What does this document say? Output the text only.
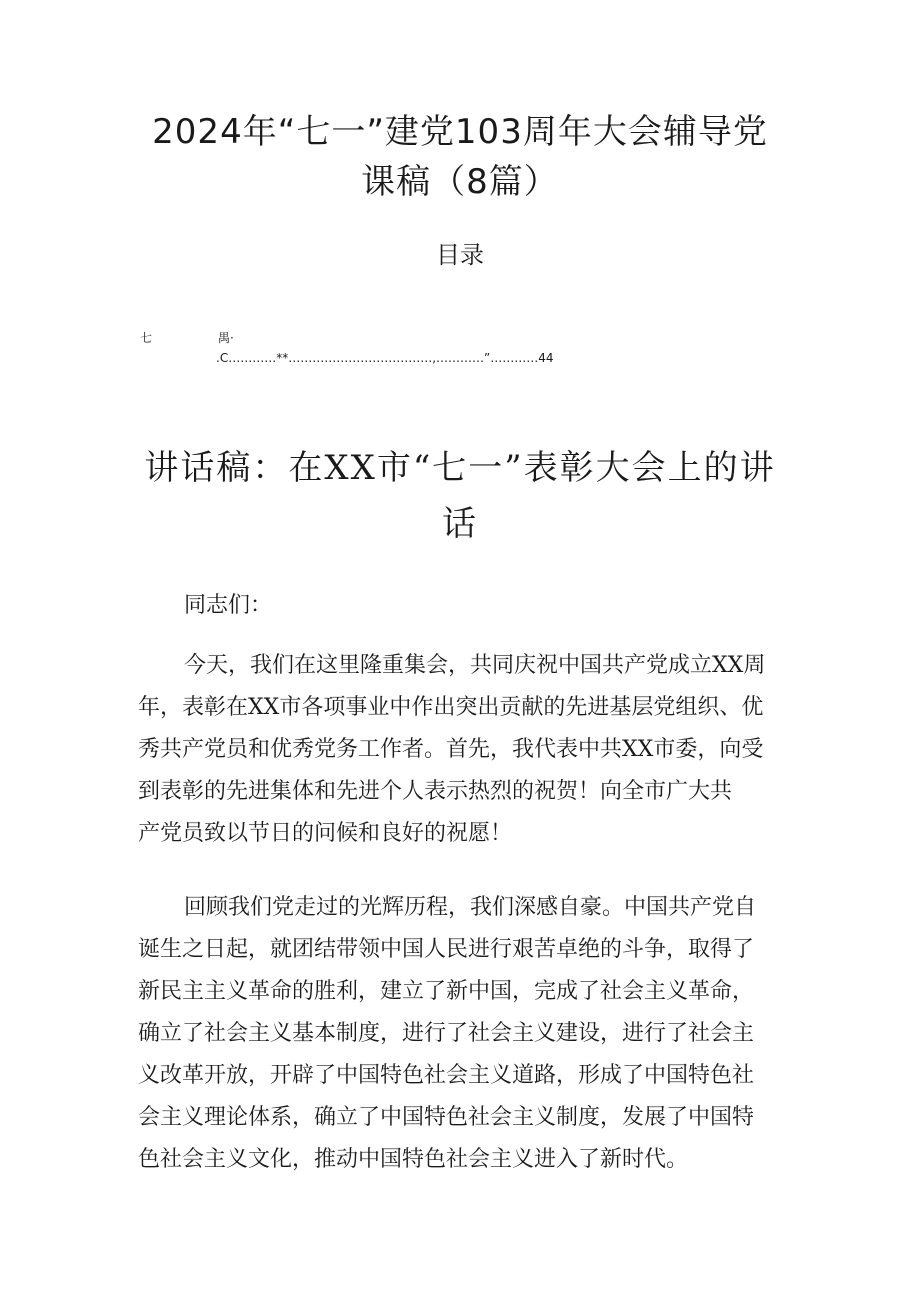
2024年“七一”建党103周年大会辅导党
课稿（8篇）
目录
七	禺·
.C…………**………………………………,…………”…………44
讲话稿：在XX市“七一”表彰大会上的讲
话

同志们：

今天，我们在这里隆重集会，共同庆祝中国共产党成立XX周
年，表彰在XX市各项事业中作出突出贡献的先进基层党组织、优
秀共产党员和优秀党务工作者。首先，我代表中共XX市委，向受
到表彰的先进集体和先进个人表示热烈的祝贺！向全市广大共
产党员致以节日的问候和良好的祝愿！

回顾我们党走过的光辉历程，我们深感自豪。中国共产党自
诞生之日起，就团结带领中国人民进行艰苦卓绝的斗争，取得了
新民主主义革命的胜利，建立了新中国，完成了社会主义革命，
确立了社会主义基本制度，进行了社会主义建设，进行了社会主
义改革开放，开辟了中国特色社会主义道路，形成了中国特色社
会主义理论体系，确立了中国特色社会主义制度，发展了中国特
色社会主义文化，推动中国特色社会主义进入了新时代。
